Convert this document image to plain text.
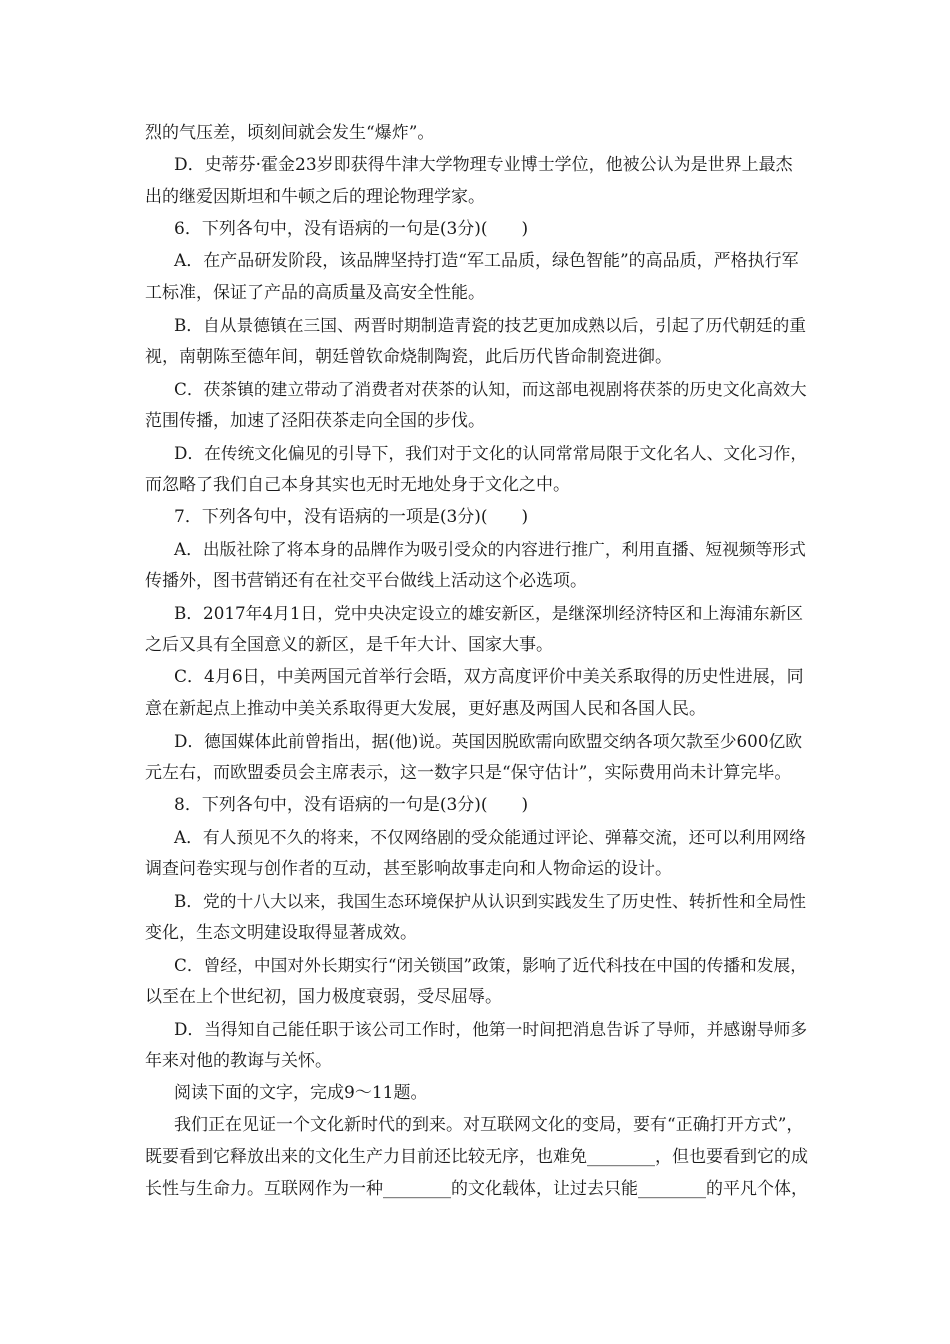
烈的气压差，顷刻间就会发生“爆炸”。

D．史蒂芬·霍金23岁即获得牛津大学物理专业博士学位，他被公认为是世界上最杰

出的继爱因斯坦和牛顿之后的理论物理学家。

6．下列各句中，没有语病的一句是(3分)(　　)

A．在产品研发阶段，该品牌坚持打造“军工品质，绿色智能”的高品质，严格执行军

工标准，保证了产品的高质量及高安全性能。

B．自从景德镇在三国、两晋时期制造青瓷的技艺更加成熟以后，引起了历代朝廷的重

视，南朝陈至德年间，朝廷曾钦命烧制陶瓷，此后历代皆命制瓷进御。

C．茯茶镇的建立带动了消费者对茯茶的认知，而这部电视剧将茯茶的历史文化高效大

范围传播，加速了泾阳茯茶走向全国的步伐。

D．在传统文化偏见的引导下，我们对于文化的认同常常局限于文化名人、文化习作，

而忽略了我们自己本身其实也无时无地处身于文化之中。

7．下列各句中，没有语病的一项是(3分)(　　)

A．出版社除了将本身的品牌作为吸引受众的内容进行推广，利用直播、短视频等形式

传播外，图书营销还有在社交平台做线上活动这个必选项。

B．2017年4月1日，党中央决定设立的雄安新区，是继深圳经济特区和上海浦东新区

之后又具有全国意义的新区，是千年大计、国家大事。

C．4月6日，中美两国元首举行会晤，双方高度评价中美关系取得的历史性进展，同

意在新起点上推动中美关系取得更大发展，更好惠及两国人民和各国人民。

D．德国媒体此前曾指出，据(他)说。英国因脱欧需向欧盟交纳各项欠款至少600亿欧

元左右，而欧盟委员会主席表示，这一数字只是“保守估计”，实际费用尚未计算完毕。

8．下列各句中，没有语病的一句是(3分)(　　)

A．有人预见不久的将来，不仅网络剧的受众能通过评论、弹幕交流，还可以利用网络

调查问卷实现与创作者的互动，甚至影响故事走向和人物命运的设计。

B．党的十八大以来，我国生态环境保护从认识到实践发生了历史性、转折性和全局性

变化，生态文明建设取得显著成效。

C．曾经，中国对外长期实行“闭关锁国”政策，影响了近代科技在中国的传播和发展，

以至在上个世纪初，国力极度衰弱，受尽屈辱。

D．当得知自己能任职于该公司工作时，他第一时间把消息告诉了导师，并感谢导师多

年来对他的教诲与关怀。

阅读下面的文字，完成9～11题。

我们正在见证一个文化新时代的到来。对互联网文化的变局，要有“正确打开方式”，

既要看到它释放出来的文化生产力目前还比较无序，也难免________，但也要看到它的成

长性与生命力。互联网作为一种________的文化载体，让过去只能________的平凡个体，
